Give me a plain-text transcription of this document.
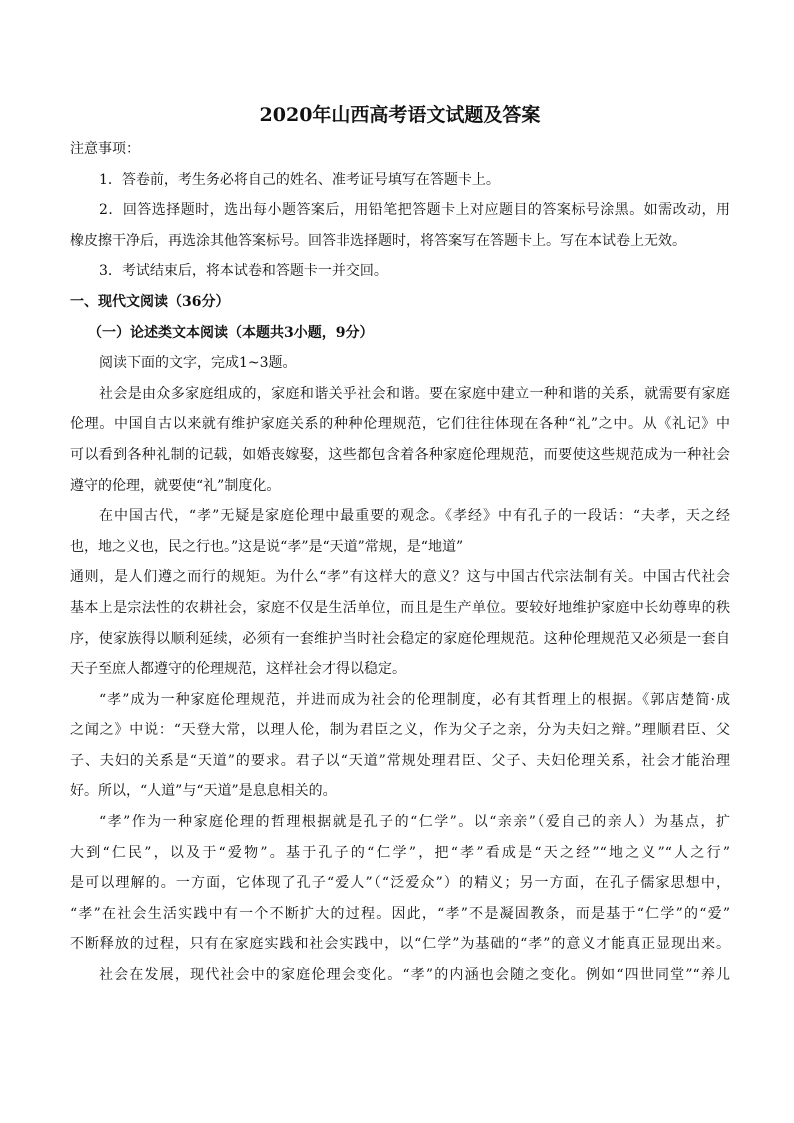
2020年山西高考语文试题及答案

注意事项：

1．答卷前，考生务必将自己的姓名、准考证号填写在答题卡上。

2．回答选择题时，选出每小题答案后，用铅笔把答题卡上对应题目的答案标号涂黑。如需改动，用

橡皮擦干净后，再选涂其他答案标号。回答非选择题时，将答案写在答题卡上。写在本试卷上无效。

3．考试结束后，将本试卷和答题卡一并交回。

一、现代文阅读（36分）

（一）论述类文本阅读（本题共3小题，9分）

阅读下面的文字，完成1~3题。

社会是由众多家庭组成的，家庭和谐关乎社会和谐。要在家庭中建立一种和谐的关系，就需要有家庭

伦理。中国自古以来就有维护家庭关系的种种伦理规范，它们往往体现在各种“礼”之中。从《礼记》中

可以看到各种礼制的记载，如婚丧嫁娶，这些都包含着各种家庭伦理规范，而要使这些规范成为一种社会

遵守的伦理，就要使“礼”制度化。

在中国古代，“孝”无疑是家庭伦理中最重要的观念。《孝经》中有孔子的一段话：“夫孝，天之经

也，地之义也，民之行也。”这是说“孝”是“天道”常规，是“地道”

通则，是人们遵之而行的规矩。为什么“孝”有这样大的意义？这与中国古代宗法制有关。中国古代社会

基本上是宗法性的农耕社会，家庭不仅是生活单位，而且是生产单位。要较好地维护家庭中长幼尊卑的秩

序，使家族得以顺利延续，必须有一套维护当时社会稳定的家庭伦理规范。这种伦理规范又必须是一套自

天子至庶人都遵守的伦理规范，这样社会才得以稳定。

“孝”成为一种家庭伦理规范，并进而成为社会的伦理制度，必有其哲理上的根据。《郭店楚简·成

之闻之》中说：“天登大常，以理人伦，制为君臣之义，作为父子之亲，分为夫妇之辩。”理顺君臣、父

子、夫妇的关系是“天道”的要求。君子以“天道”常规处理君臣、父子、夫妇伦理关系，社会才能治理

好。所以，“人道”与“天道”是息息相关的。

“孝”作为一种家庭伦理的哲理根据就是孔子的“仁学”。以“亲亲”（爱自己的亲人）为基点，扩

大到“仁民”，以及于“爱物”。基于孔子的“仁学”，把“孝”看成是“天之经”“地之义”“人之行”

是可以理解的。一方面，它体现了孔子“爱人”（“泛爱众”）的精义；另一方面，在孔子儒家思想中，

“孝”在社会生活实践中有一个不断扩大的过程。因此，“孝”不是凝固教条，而是基于“仁学”的“爱”

不断释放的过程，只有在家庭实践和社会实践中，以“仁学”为基础的“孝”的意义才能真正显现出来。

社会在发展，现代社会中的家庭伦理会变化。“孝”的内涵也会随之变化。例如“四世同堂”“养儿
